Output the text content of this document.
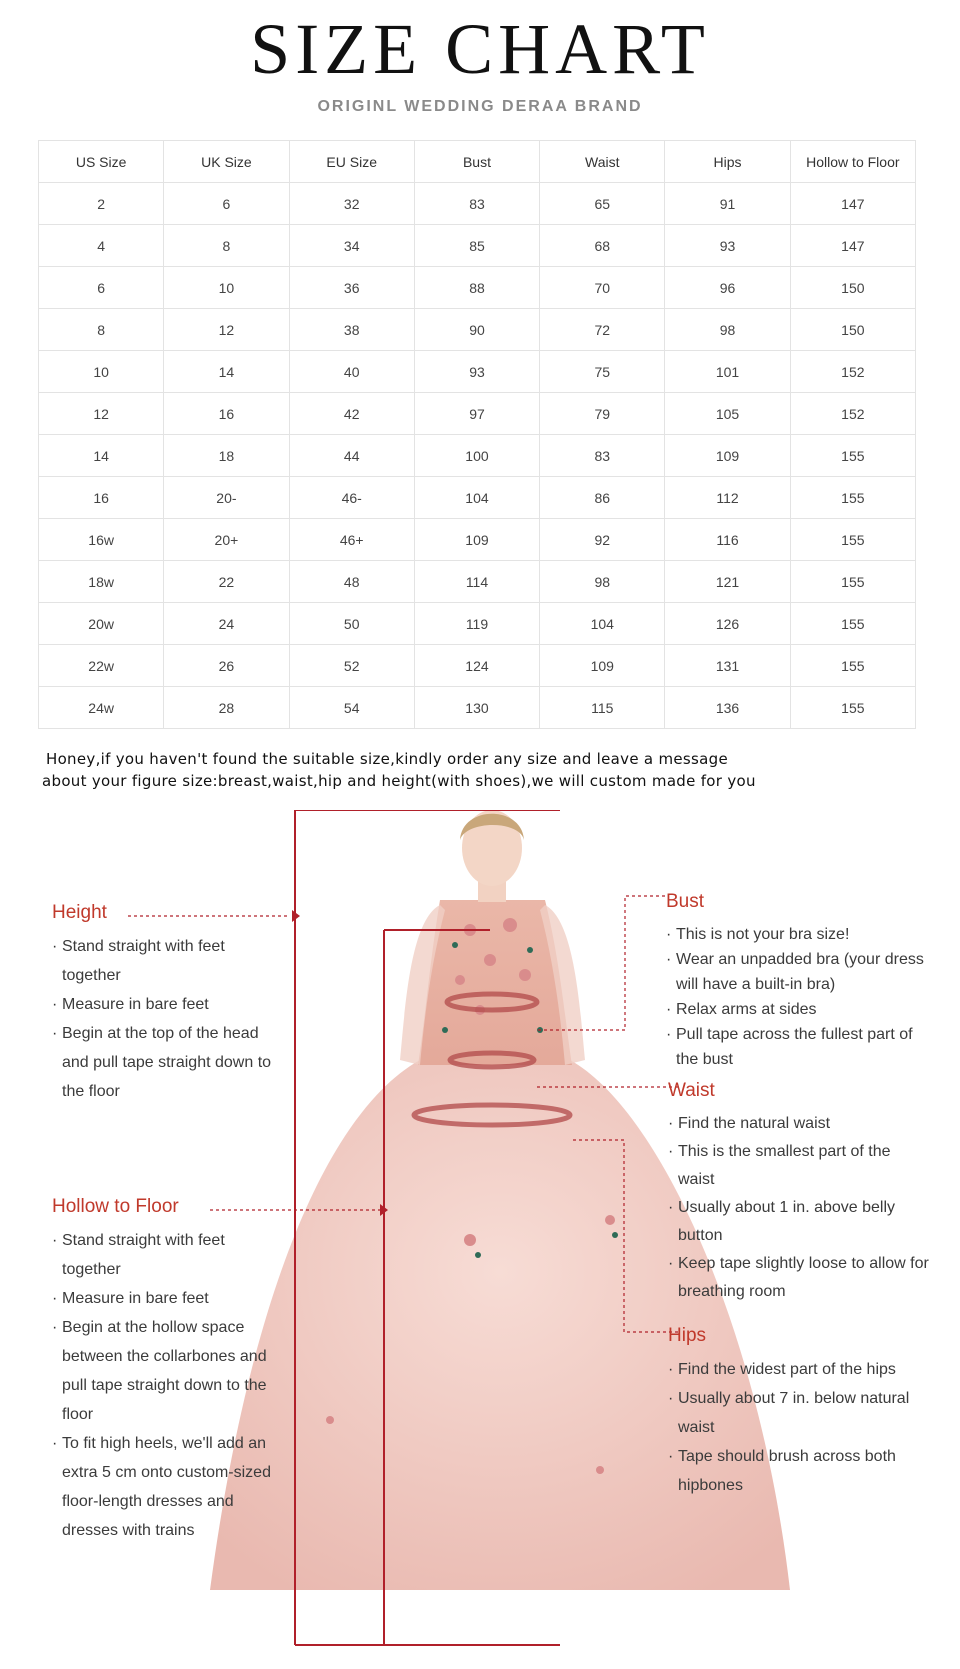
SIZE CHART
ORIGINL WEDDING DERAA BRAND
US Size	UK Size	EU Size	Bust	Waist	Hips	Hollow to Floor
2	6	32	83	65	91	147
4	8	34	85	68	93	147
6	10	36	88	70	96	150
8	12	38	90	72	98	150
10	14	40	93	75	101	152
12	16	42	97	79	105	152
14	18	44	100	83	109	155
16	20-	46-	104	86	112	155
16w	20+	46+	109	92	116	155
18w	22	48	114	98	121	155
20w	24	50	119	104	126	155
22w	26	52	124	109	131	155
24w	28	54	130	115	136	155
Honey,if you haven't found the suitable size,kindly order any size and leave a message
about your figure size:breast,waist,hip and height(with shoes),we will custom made for you
Height
· Stand straight with feet together
· Measure in bare feet
· Begin at the top of the head and pull tape straight down to the floor
Hollow to Floor
· Stand straight with feet together
· Measure in bare feet
· Begin at the hollow space between the collarbones and pull tape straight down to the floor
· To fit high heels, we'll add an extra 5 cm onto custom-sized floor-length dresses and dresses with trains
Bust
· This is not your bra size!
· Wear an unpadded bra (your dress will have a built-in bra)
· Relax arms at sides
· Pull tape across the fullest part of the bust
Waist
· Find the natural waist
· This is the smallest part of the waist
· Usually about 1 in. above belly button
· Keep tape slightly loose to allow for breathing room
Hips
· Find the widest part of the hips
· Usually about 7 in. below natural waist
· Tape should brush across both hipbones
